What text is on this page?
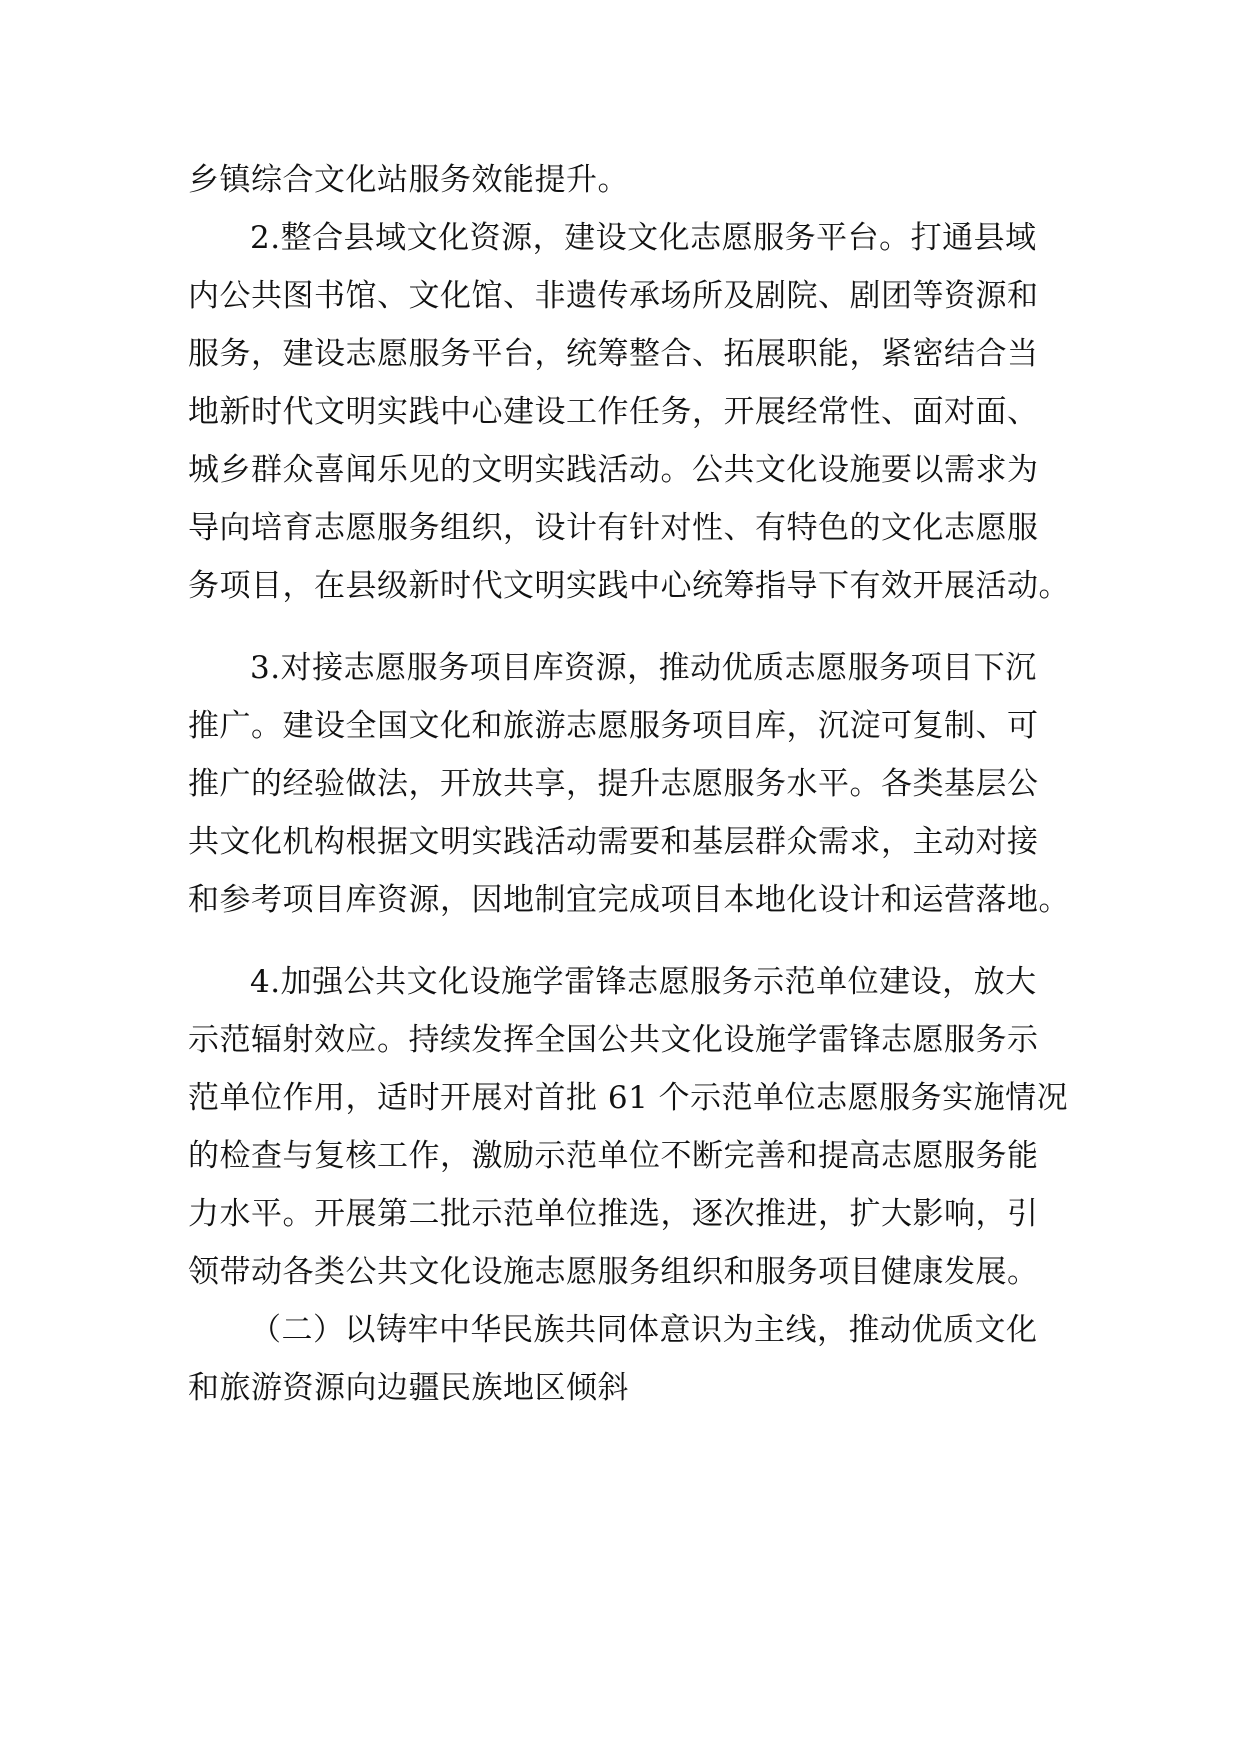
乡镇综合文化站服务效能提升。

2.整合县域文化资源，建设文化志愿服务平台。打通县域

内公共图书馆、文化馆、非遗传承场所及剧院、剧团等资源和

服务，建设志愿服务平台，统筹整合、拓展职能，紧密结合当

地新时代文明实践中心建设工作任务，开展经常性、面对面、

城乡群众喜闻乐见的文明实践活动。公共文化设施要以需求为

导向培育志愿服务组织，设计有针对性、有特色的文化志愿服

务项目，在县级新时代文明实践中心统筹指导下有效开展活动。

3.对接志愿服务项目库资源，推动优质志愿服务项目下沉

推广。建设全国文化和旅游志愿服务项目库，沉淀可复制、可

推广的经验做法，开放共享，提升志愿服务水平。各类基层公

共文化机构根据文明实践活动需要和基层群众需求，主动对接

和参考项目库资源，因地制宜完成项目本地化设计和运营落地。

4.加强公共文化设施学雷锋志愿服务示范单位建设，放大

示范辐射效应。持续发挥全国公共文化设施学雷锋志愿服务示

范单位作用，适时开展对首批 61 个示范单位志愿服务实施情况

的检查与复核工作，激励示范单位不断完善和提高志愿服务能

力水平。开展第二批示范单位推选，逐次推进，扩大影响，引

领带动各类公共文化设施志愿服务组织和服务项目健康发展。

（二）以铸牢中华民族共同体意识为主线，推动优质文化

和旅游资源向边疆民族地区倾斜
